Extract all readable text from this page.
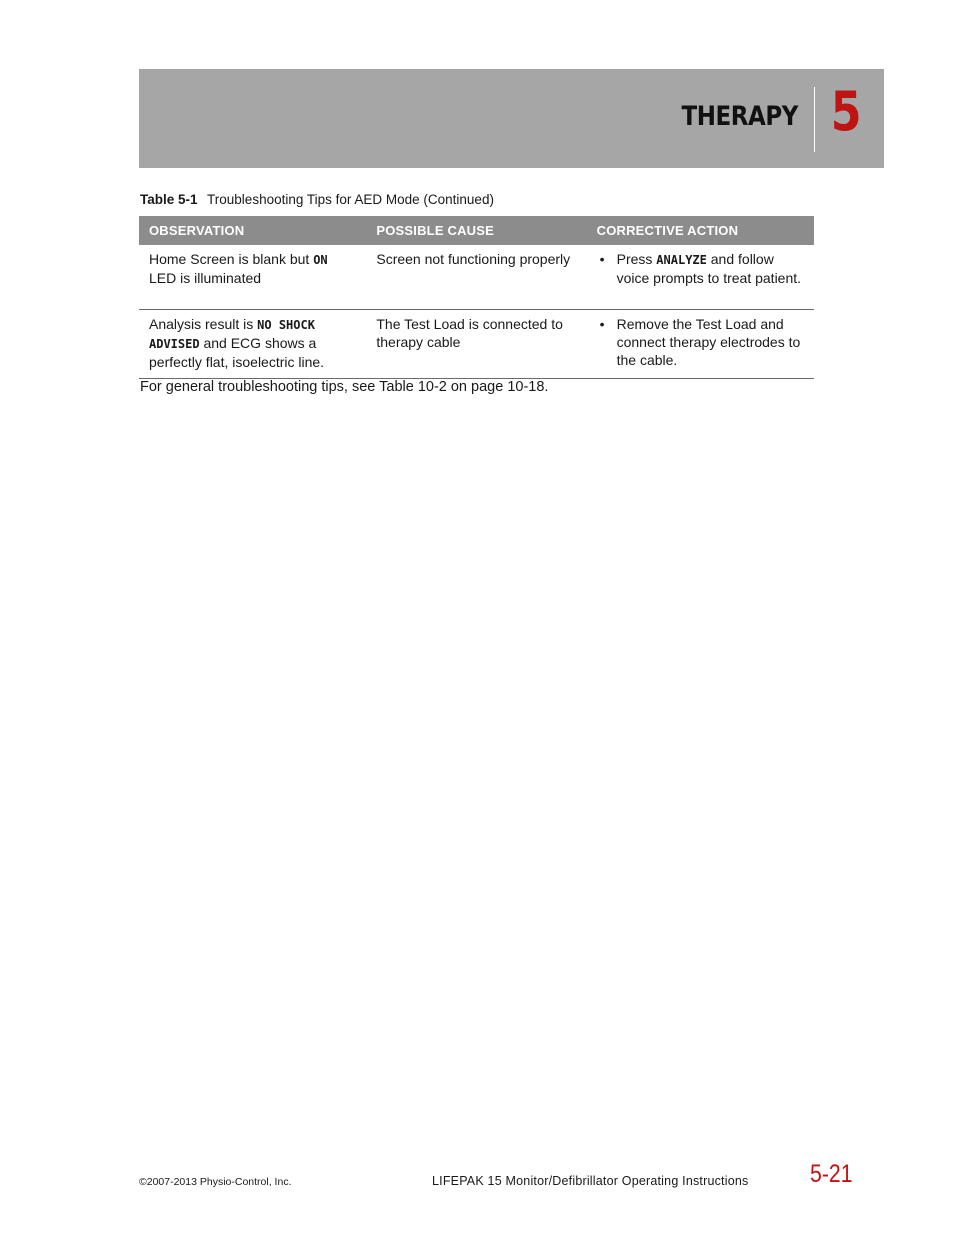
THERAPY 5
Table 5-1 Troubleshooting Tips for AED Mode (Continued)
OBSERVATION	POSSIBLE CAUSE	CORRECTIVE ACTION
Home Screen is blank but ON LED is illuminated	Screen not functioning properly	• Press ANALYZE and follow voice prompts to treat patient.
Analysis result is NO SHOCK ADVISED and ECG shows a perfectly flat, isoelectric line.	The Test Load is connected to therapy cable	• Remove the Test Load and connect therapy electrodes to the cable.
For general troubleshooting tips, see Table 10-2 on page 10-18.
©2007-2013 Physio-Control, Inc.	LIFEPAK 15 Monitor/Defibrillator Operating Instructions 5-21
